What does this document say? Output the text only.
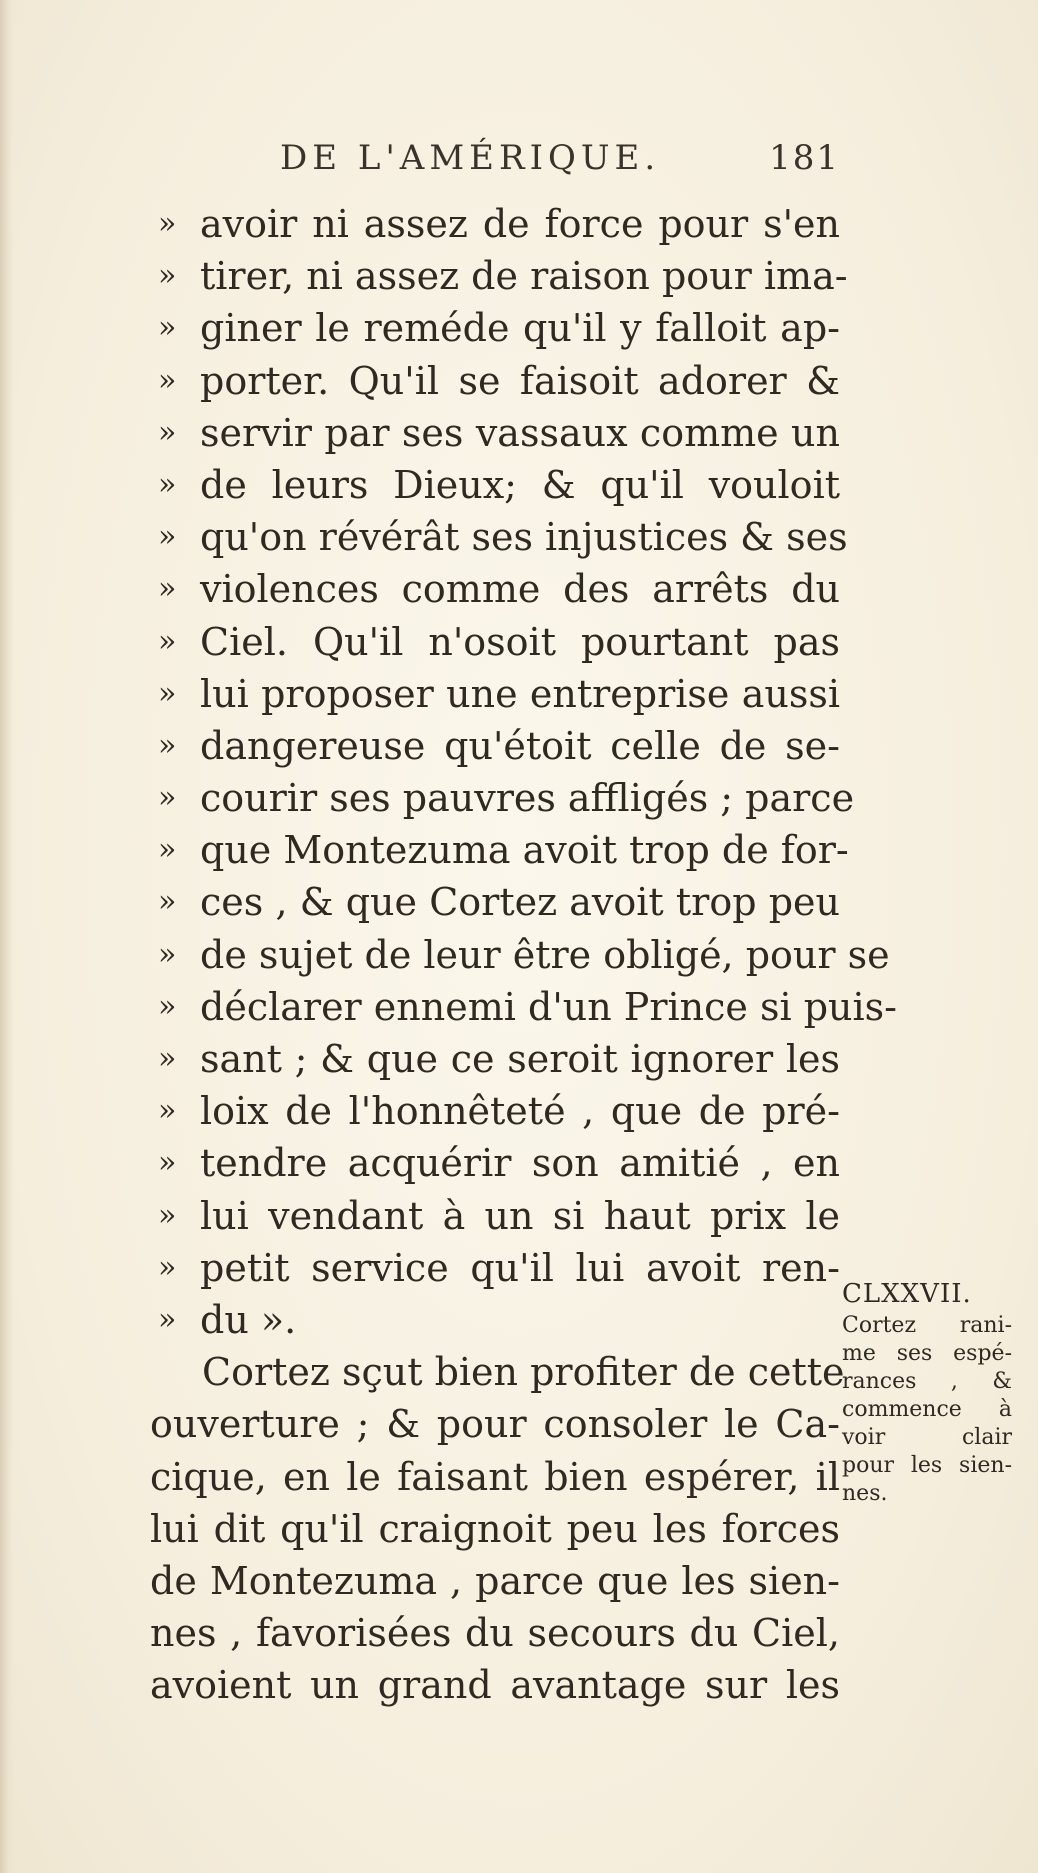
DE L'AMÉRIQUE.	181
» avoir ni assez de force pour s'en
» tirer, ni assez de raison pour ima-
» giner le reméde qu'il y falloit ap-
» porter. Qu'il se faisoit adorer &
» servir par ses vassaux comme un
» de leurs Dieux; & qu'il vouloit
» qu'on révérât ses injustices & ses
» violences comme des arrêts du
» Ciel. Qu'il n'osoit pourtant pas
» lui proposer une entreprise aussi
» dangereuse qu'étoit celle de se-
» courir ses pauvres affligés ; parce
» que Montezuma avoit trop de for-
» ces , & que Cortez avoit trop peu
» de sujet de leur être obligé, pour se
» déclarer ennemi d'un Prince si puis-
» sant ; & que ce seroit ignorer les
» loix de l'honnêteté , que de pré-
» tendre acquérir son amitié , en
» lui vendant à un si haut prix le
» petit service qu'il lui avoit ren-
» du ».
Cortez sçut bien profiter de cette
ouverture ; & pour consoler le Ca-
cique, en le faisant bien espérer, il
lui dit qu'il craignoit peu les forces
de Montezuma , parce que les sien-
nes , favorisées du secours du Ciel,
avoient un grand avantage sur les
CLXXVII.
Cortez rani-
me ses espé-
rances , &
commence à
voir clair
pour les sien-
nes.
